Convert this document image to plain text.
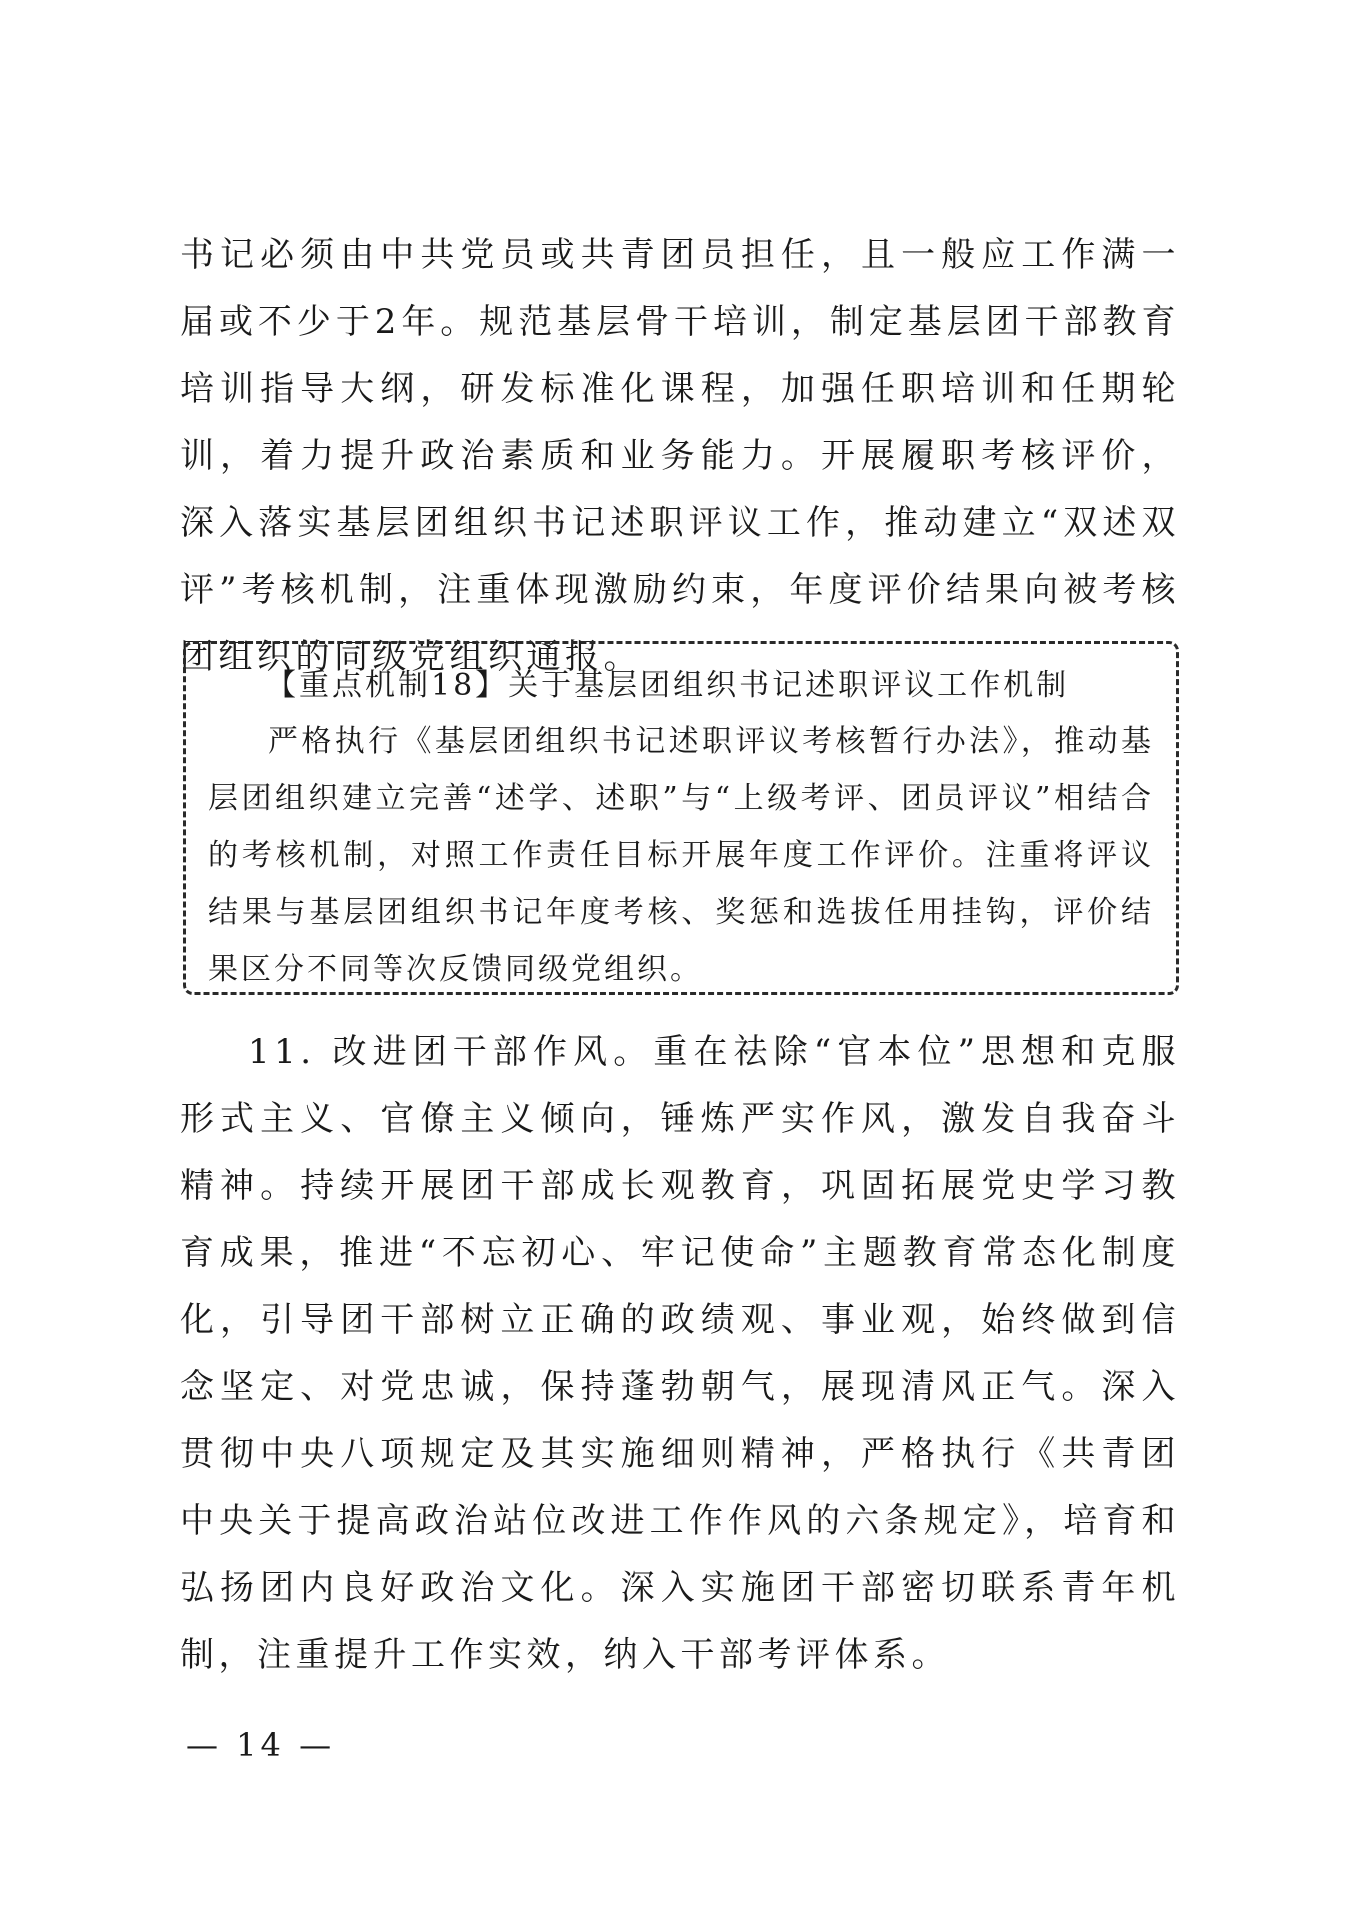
书记必须由中共党员或共青团员担任，且一般应工作满一届或不少于2年。规范基层骨干培训，制定基层团干部教育培训指导大纲，研发标准化课程，加强任职培训和任期轮训，着力提升政治素质和业务能力。开展履职考核评价，深入落实基层团组织书记述职评议工作，推动建立“双述双评”考核机制，注重体现激励约束，年度评价结果向被考核团组织的同级党组织通报。

【重点机制18】关于基层团组织书记述职评议工作机制

严格执行《基层团组织书记述职评议考核暂行办法》，推动基层团组织建立完善“述学、述职”与“上级考评、团员评议”相结合的考核机制，对照工作责任目标开展年度工作评价。注重将评议结果与基层团组织书记年度考核、奖惩和选拔任用挂钩，评价结果区分不同等次反馈同级党组织。

11. 改进团干部作风。重在祛除“官本位”思想和克服形式主义、官僚主义倾向，锤炼严实作风，激发自我奋斗精神。持续开展团干部成长观教育，巩固拓展党史学习教育成果，推进“不忘初心、牢记使命”主题教育常态化制度化，引导团干部树立正确的政绩观、事业观，始终做到信念坚定、对党忠诚，保持蓬勃朝气，展现清风正气。深入贯彻中央八项规定及其实施细则精神，严格执行《共青团中央关于提高政治站位改进工作作风的六条规定》，培育和弘扬团内良好政治文化。深入实施团干部密切联系青年机制，注重提升工作实效，纳入干部考评体系。

— 14 —
